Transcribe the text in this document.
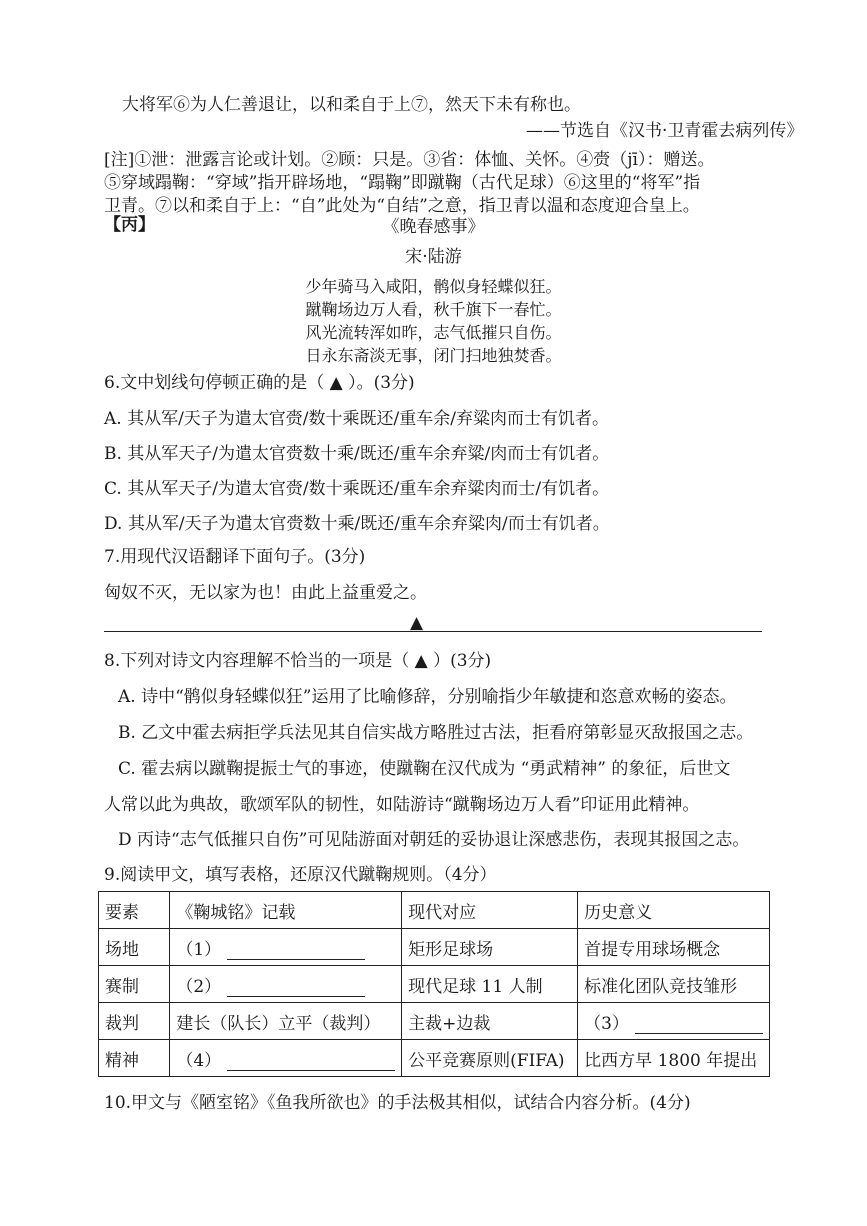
大将军⑥为人仁善退让，以和柔自于上⑦，然天下未有称也。
——节选自《汉书·卫青霍去病列传》
[注]①泄：泄露言论或计划。②顾：只是。③省：体恤、关怀。④赍（jī）：赠送。
⑤穿域蹋鞠：“穿域”指开辟场地，“蹋鞠”即蹴鞠（古代足球）⑥这里的“将军”指
卫青。⑦以和柔自于上：“自”此处为“自结”之意，指卫青以温和态度迎合皇上。
【丙】	《晚春感事》
宋·陆游
少年骑马入咸阳，鹘似身轻蝶似狂。
蹴鞠场边万人看，秋千旗下一春忙。
风光流转浑如昨，志气低摧只自伤。
日永东斋淡无事，闭门扫地独焚香。
6.文中划线句停顿正确的是（ ▲ ）。(3分)
A. 其从军/天子为遣太官赍/数十乘既还/重车余/弃粱肉而士有饥者。
B. 其从军天子/为遣太官赍数十乘/既还/重车余弃粱/肉而士有饥者。
C. 其从军天子/为遣太官赍/数十乘既还/重车余弃粱肉而士/有饥者。
D. 其从军/天子为遣太官赍数十乘/既还/重车余弃粱肉/而士有饥者。
7.用现代汉语翻译下面句子。(3分)
匈奴不灭，无以家为也！由此上益重爱之。
▲
8.下列对诗文内容理解不恰当的一项是（ ▲ ）(3分)
A. 诗中“鹘似身轻蝶似狂”运用了比喻修辞，分别喻指少年敏捷和恣意欢畅的姿态。
B. 乙文中霍去病拒学兵法见其自信实战方略胜过古法，拒看府第彰显灭敌报国之志。
C. 霍去病以蹴鞠提振士气的事迹，使蹴鞠在汉代成为 “勇武精神” 的象征，后世文
人常以此为典故，歌颂军队的韧性，如陆游诗“蹴鞠场边万人看”印证用此精神。
D 丙诗“志气低摧只自伤”可见陆游面对朝廷的妥协退让深感悲伤，表现其报国之志。
9.阅读甲文，填写表格，还原汉代蹴鞠规则。（4分）
要素	《鞠城铭》记载	现代对应	历史意义
场地	（1）	矩形足球场	首提专用球场概念
赛制	（2）	现代足球 11 人制	标准化团队竞技雏形
裁判	建长（队长）立平（裁判）	主裁+边裁	（3）
精神	（4）	公平竞赛原则(FIFA)	比西方早 1800 年提出
10.甲文与《陋室铭》《鱼我所欲也》的手法极其相似，试结合内容分析。(4分)
